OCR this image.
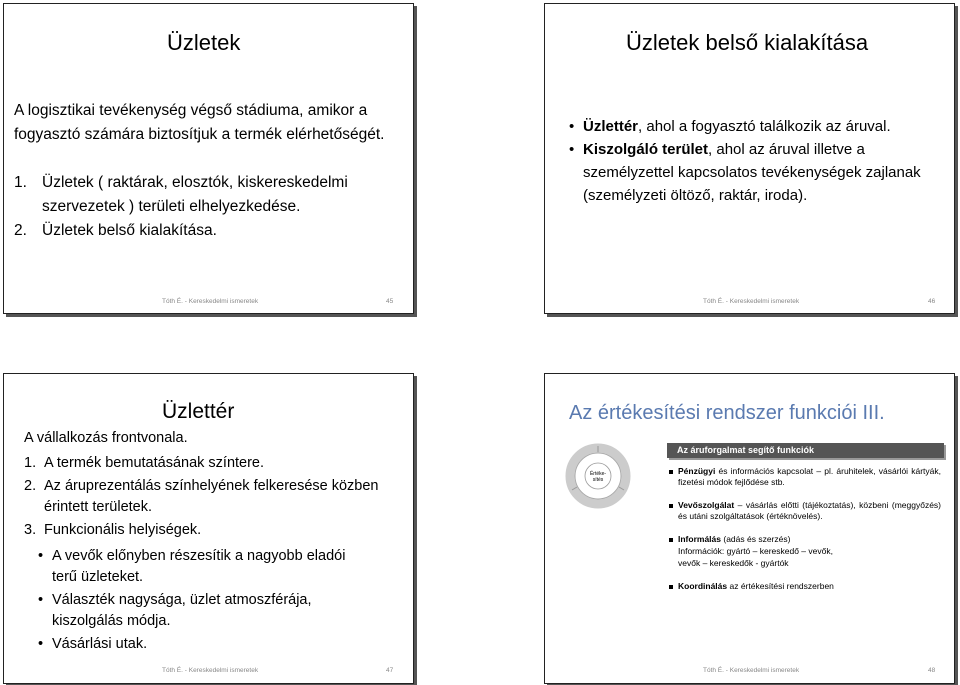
Üzletek
A logisztikai tevékenység végső stádiuma, amikor a fogyasztó számára biztosítjuk a termék elérhetőségét.
1. Üzletek ( raktárak, elosztók, kiskereskedelmi szervezetek ) területi elhelyezkedése.
2. Üzletek belső kialakítása.
Tóth É. - Kereskedelmi ismeretek	45
Üzletek belső kialakítása
Üzlettér, ahol a fogyasztó találkozik az áruval.
Kiszolgáló terület, ahol az áruval illetve a személyzettel kapcsolatos tevékenységek zajlanak (személyzeti öltöző, raktár, iroda).
Tóth É. - Kereskedelmi ismeretek	46
Üzlettér
A vállalkozás frontvonala.
1. A termék bemutatásának színtere.
2. Az áruprezentálás színhelyének felkeresése közben érintett területek.
3. Funkcionális helyiségek.
A vevők előnyben részesítik a nagyobb eladói terű üzleteket.
Választék nagysága, üzlet atmoszférája, kiszolgálás módja.
Vásárlási utak.
Tóth É. - Kereskedelmi ismeretek	47
Az értékesítési rendszer funkciói III.
Értéke-
sítés
Az áruforgalmat segítő funkciók
Pénzügyi és információs kapcsolat – pl. áruhitelek, vásárlói kártyák, fizetési módok fejlődése stb.
Vevőszolgálat – vásárlás előtti (tájékoztatás), közbeni (meggyőzés) és utáni szolgáltatások (értéknövelés).
Informálás (adás és szerzés)
Információk: gyártó – kereskedő – vevők,
vevők – kereskedők - gyártók
Koordinálás az értékesítési rendszerben
Tóth É. - Kereskedelmi ismeretek	48
